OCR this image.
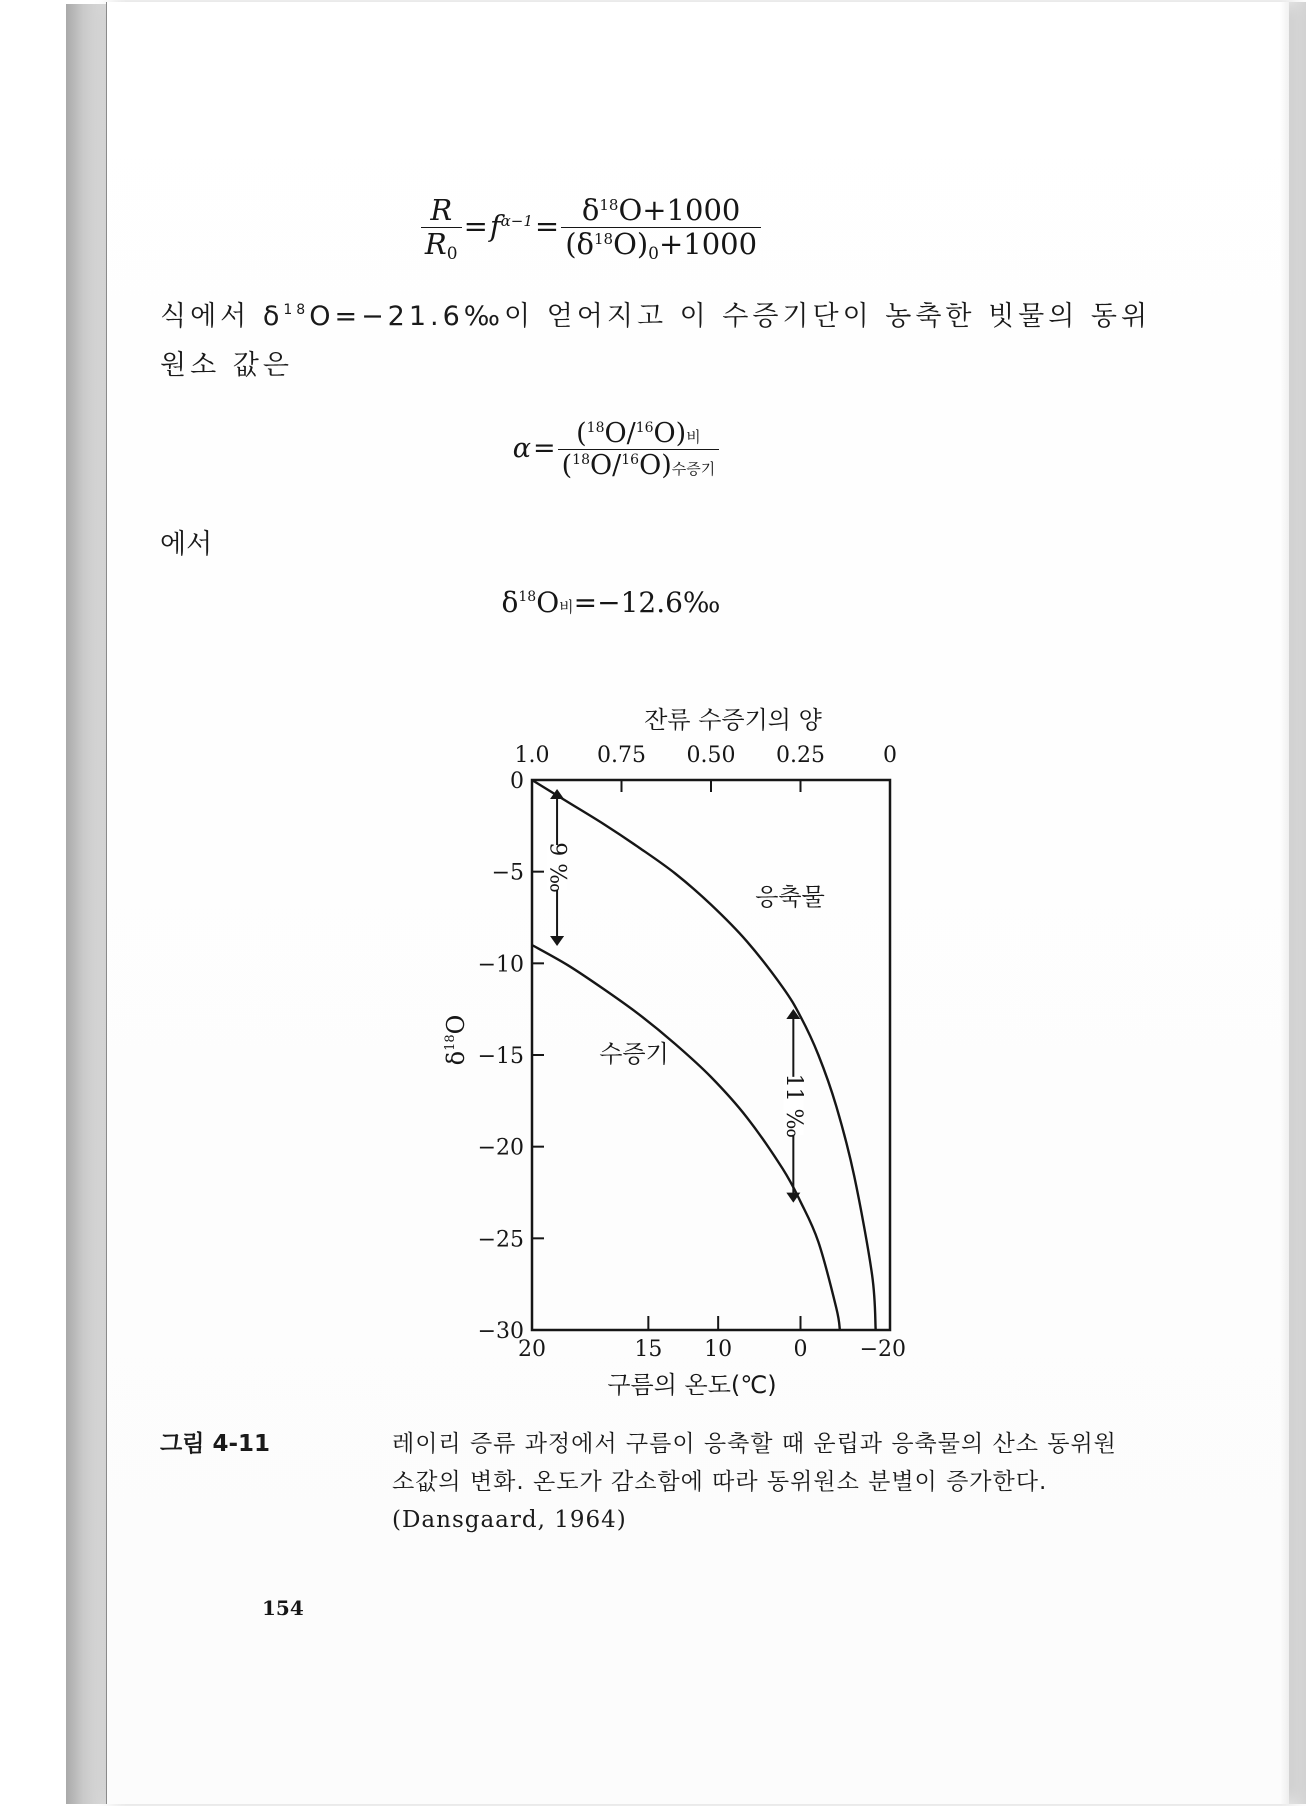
$\frac{R}{R_0} =f^{\alpha-1}= \frac{\delta^{18}O+1000}{(\delta^{18}O)_0+1000}$
식에서 $\delta^{18}O=-21.6‰$이 얻어지고 이 수증기단이 농축한 빗물의 동위
원소 값은
$\alpha= \frac{(^{18}O/^{16}O)비}{(^{18}O/^{16}O)수증기}$
에서
$\delta^{18}O$비=−12.6‰
잔류 수증기의 양
1.0 0.75 0.50 0.25	0
0
−5
−10
−15
−20
−25
−30
20	15 10	0 −20
9 ‰
11 ‰
응축물
수증기
$\delta^{18}O$
구름의 온도(℃)
그림 4-11	레이리 증류 과정에서 구름이 응축할 때 운립과 응축물의 산소 동위원
소값의 변화. 온도가 감소함에 따라 동위원소 분별이 증가한다.
(Dansgaard, 1964)
154
